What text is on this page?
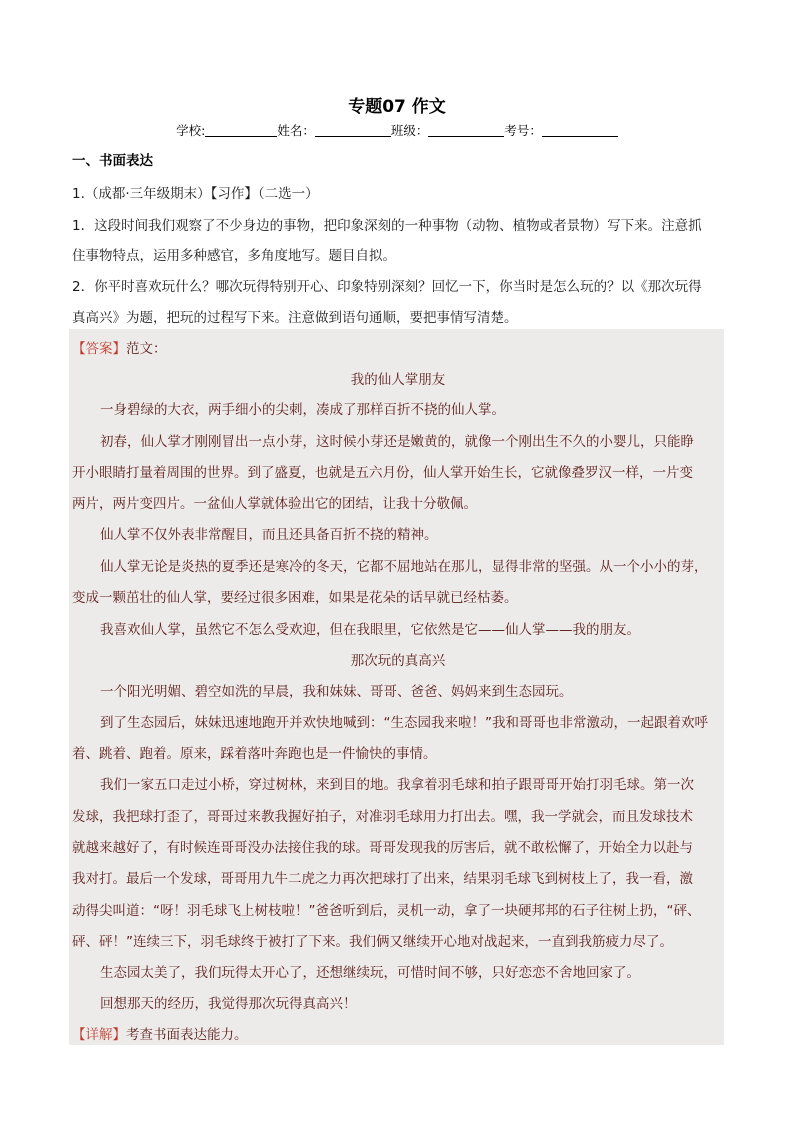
专题07 作文
学校:	姓名：	班级：	考号：
一、书面表达
1.（成都·三年级期末）【习作】（二选一）
1．这段时间我们观察了不少身边的事物，把印象深刻的一种事物（动物、植物或者景物）写下来。注意抓
住事物特点，运用多种感官，多角度地写。题目自拟。
2．你平时喜欢玩什么？哪次玩得特别开心、印象特别深刻？回忆一下，你当时是怎么玩的？以《那次玩得
真高兴》为题，把玩的过程写下来。注意做到语句通顺，要把事情写清楚。
【答案】范文：
我的仙人掌朋友
一身碧绿的大衣，两手细小的尖刺，凑成了那样百折不挠的仙人掌。
初春，仙人掌才刚刚冒出一点小芽，这时候小芽还是嫩黄的，就像一个刚出生不久的小婴儿，只能睁
开小眼睛打量着周围的世界。到了盛夏，也就是五六月份，仙人掌开始生长，它就像叠罗汉一样，一片变
两片，两片变四片。一盆仙人掌就体验出它的团结，让我十分敬佩。
仙人掌不仅外表非常醒目，而且还具备百折不挠的精神。
仙人掌无论是炎热的夏季还是寒冷的冬天，它都不屈地站在那儿，显得非常的坚强。从一个小小的芽，
变成一颗茁壮的仙人掌，要经过很多困难，如果是花朵的话早就已经枯萎。
我喜欢仙人掌，虽然它不怎么受欢迎，但在我眼里，它依然是它——仙人掌——我的朋友。
那次玩的真高兴
一个阳光明媚、碧空如洗的早晨，我和妹妹、哥哥、爸爸、妈妈来到生态园玩。
到了生态园后，妹妹迅速地跑开并欢快地喊到：“生态园我来啦！”我和哥哥也非常激动，一起跟着欢呼
着、跳着、跑着。原来，踩着落叶奔跑也是一件愉快的事情。
我们一家五口走过小桥，穿过树林，来到目的地。我拿着羽毛球和拍子跟哥哥开始打羽毛球。第一次
发球，我把球打歪了，哥哥过来教我握好拍子，对准羽毛球用力打出去。嘿，我一学就会，而且发球技术
就越来越好了，有时候连哥哥没办法接住我的球。哥哥发现我的厉害后，就不敢松懈了，开始全力以赴与
我对打。最后一个发球，哥哥用九牛二虎之力再次把球打了出来，结果羽毛球飞到树枝上了，我一看，激
动得尖叫道：“呀！羽毛球飞上树枝啦！”爸爸听到后，灵机一动，拿了一块硬邦邦的石子往树上扔，“砰、
砰、砰！”连续三下，羽毛球终于被打了下来。我们俩又继续开心地对战起来，一直到我筋疲力尽了。
生态园太美了，我们玩得太开心了，还想继续玩，可惜时间不够，只好恋恋不舍地回家了。
回想那天的经历，我觉得那次玩得真高兴！
【详解】考查书面表达能力。
